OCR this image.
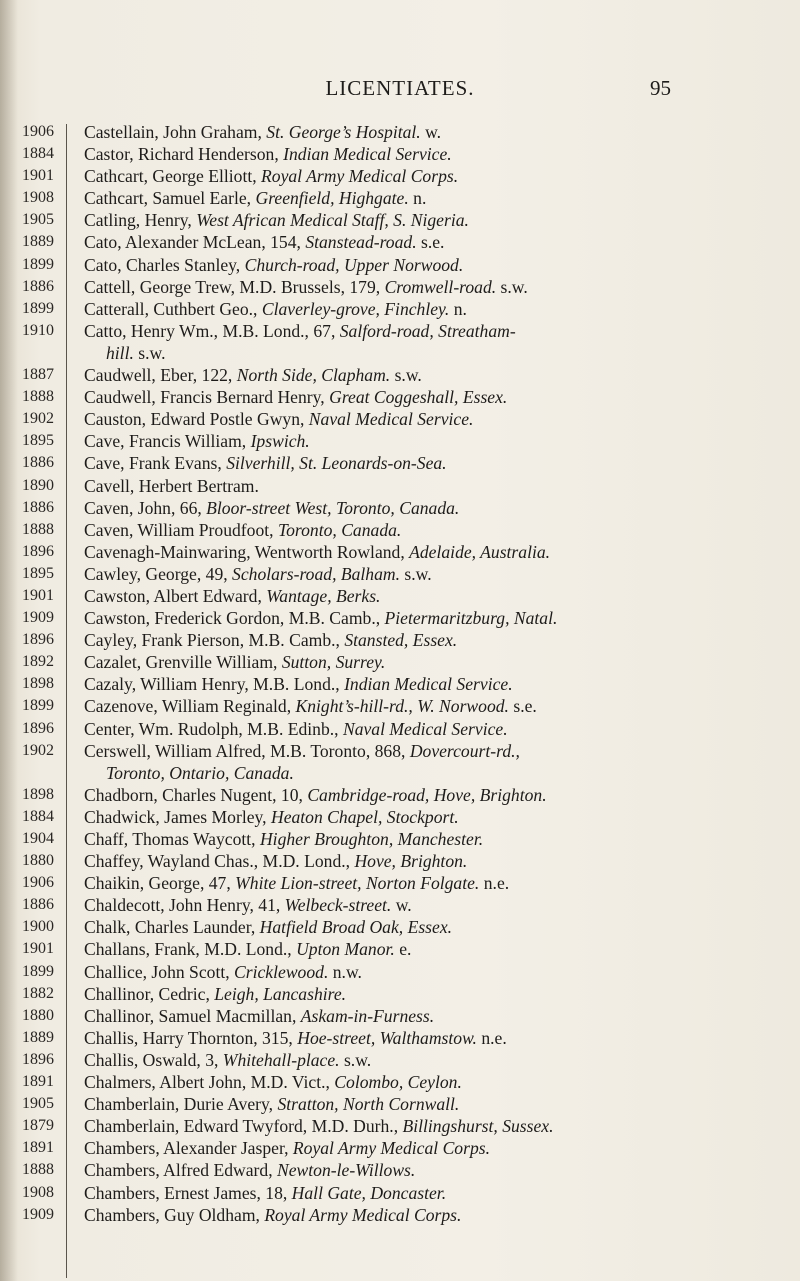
LICENTIATES.	95
1906 Castellain, John Graham, St. George’s Hospital. w.
1884 Castor, Richard Henderson, Indian Medical Service.
1901 Cathcart, George Elliott, Royal Army Medical Corps.
1908 Cathcart, Samuel Earle, Greenfield, Highgate. n.
1905 Catling, Henry, West African Medical Staff, S. Nigeria.
1889 Cato, Alexander McLean, 154, Stanstead-road. s.e.
1899 Cato, Charles Stanley, Church-road, Upper Norwood.
1886 Cattell, George Trew, M.D. Brussels, 179, Cromwell-road. s.w.
1899 Catterall, Cuthbert Geo., Claverley-grove, Finchley. n.
1910 Catto, Henry Wm., M.B. Lond., 67, Salford-road, Streatham-
hill. s.w.
1887 Caudwell, Eber, 122, North Side, Clapham. s.w.
1888 Caudwell, Francis Bernard Henry, Great Coggeshall, Essex.
1902 Causton, Edward Postle Gwyn, Naval Medical Service.
1895 Cave, Francis William, Ipswich.
1886 Cave, Frank Evans, Silverhill, St. Leonards-on-Sea.
1890 Cavell, Herbert Bertram.
1886 Caven, John, 66, Bloor-street West, Toronto, Canada.
1888 Caven, William Proudfoot, Toronto, Canada.
1896 Cavenagh-Mainwaring, Wentworth Rowland, Adelaide, Australia.
1895 Cawley, George, 49, Scholars-road, Balham. s.w.
1901 Cawston, Albert Edward, Wantage, Berks.
1909 Cawston, Frederick Gordon, M.B. Camb., Pietermaritzburg, Natal.
1896 Cayley, Frank Pierson, M.B. Camb., Stansted, Essex.
1892 Cazalet, Grenville William, Sutton, Surrey.
1898 Cazaly, William Henry, M.B. Lond., Indian Medical Service.
1899 Cazenove, William Reginald, Knight’s-hill-rd., W. Norwood. s.e.
1896 Center, Wm. Rudolph, M.B. Edinb., Naval Medical Service.
1902 Cerswell, William Alfred, M.B. Toronto, 868, Dovercourt-rd.,
Toronto, Ontario, Canada.
1898 Chadborn, Charles Nugent, 10, Cambridge-road, Hove, Brighton.
1884 Chadwick, James Morley, Heaton Chapel, Stockport.
1904 Chaff, Thomas Waycott, Higher Broughton, Manchester.
1880 Chaffey, Wayland Chas., M.D. Lond., Hove, Brighton.
1906 Chaikin, George, 47, White Lion-street, Norton Folgate. n.e.
1886 Chaldecott, John Henry, 41, Welbeck-street. w.
1900 Chalk, Charles Launder, Hatfield Broad Oak, Essex.
1901 Challans, Frank, M.D. Lond., Upton Manor. e.
1899 Challice, John Scott, Cricklewood. n.w.
1882 Challinor, Cedric, Leigh, Lancashire.
1880 Challinor, Samuel Macmillan, Askam-in-Furness.
1889 Challis, Harry Thornton, 315, Hoe-street, Walthamstow. n.e.
1896 Challis, Oswald, 3, Whitehall-place. s.w.
1891 Chalmers, Albert John, M.D. Vict., Colombo, Ceylon.
1905 Chamberlain, Durie Avery, Stratton, North Cornwall.
1879 Chamberlain, Edward Twyford, M.D. Durh., Billingshurst, Sussex.
1891 Chambers, Alexander Jasper, Royal Army Medical Corps.
1888 Chambers, Alfred Edward, Newton-le-Willows.
1908 Chambers, Ernest James, 18, Hall Gate, Doncaster.
1909 Chambers, Guy Oldham, Royal Army Medical Corps.
